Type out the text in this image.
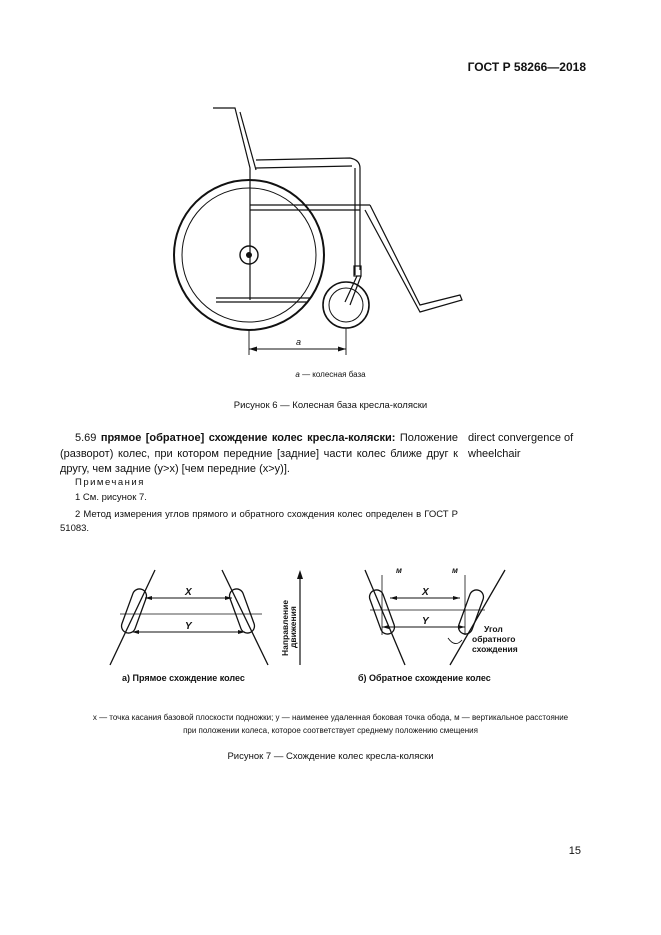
ГОСТ Р 58266—2018
a
a — колесная база
Рисунок 6 — Колесная база кресла-коляски
5.69 прямое [обратное] схождение колес кресла-коляски: Положение (разворот) колес, при котором передние [задние] части колес ближе друг к другу, чем задние (y>x) [чем передние (x>y)].
direct convergence of wheelchair
Примечания
1 См. рисунок 7.
2 Метод измерения углов прямого и обратного схождения колес определен в ГОСТ Р 51083.
X
Y	Направление
движения
м	м
X
Y
Угол
обратного
схождения
а) Прямое схождение колес	б) Обратное схождение колес
x — точка касания базовой плоскости подножки; y — наименее удаленная боковая точка обода, м — вертикальное расстояние
при положении колеса, которое соответствует среднему положению смещения
Рисунок 7 — Схождение колес кресла-коляски
15
